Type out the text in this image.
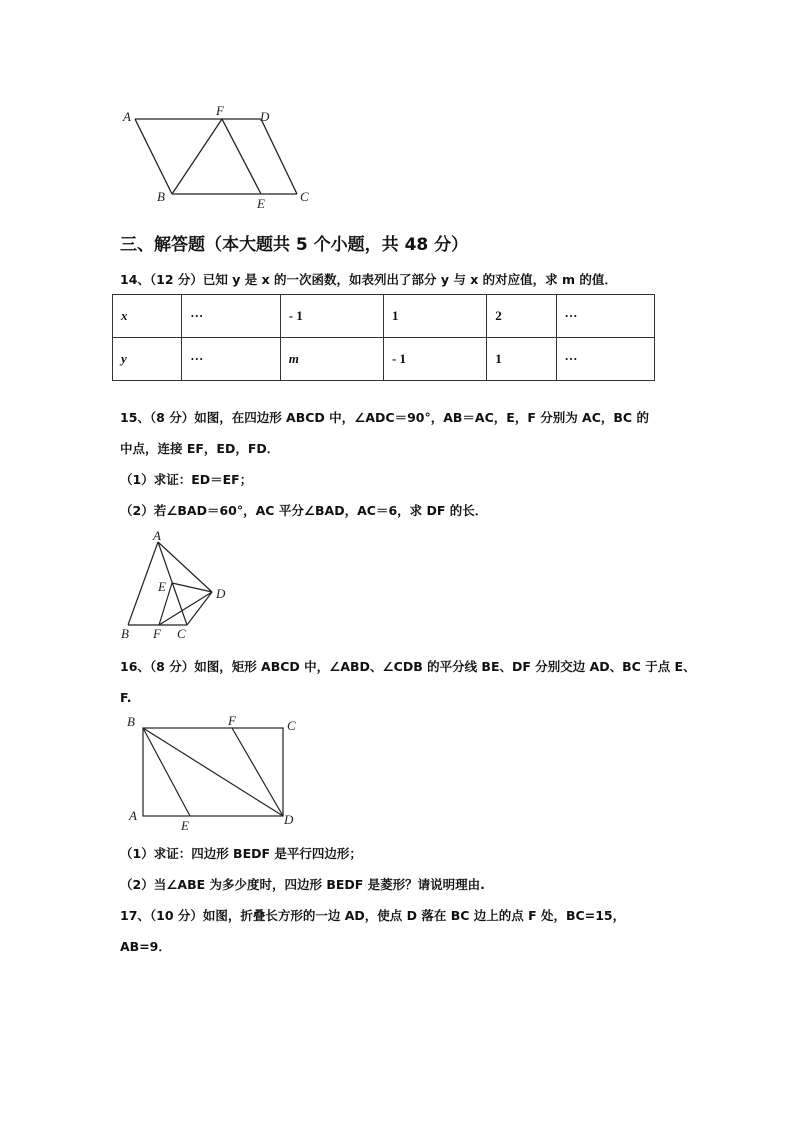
A	F	D
B	E	C
三、解答题（本大题共 5 个小题，共 48 分）
14、（12 分）已知 y 是 x 的一次函数，如表列出了部分 y 与 x 的对应值，求 m 的值．
x	···	- 1	1	2	···
y	···	m	- 1	1	···
15、（8 分）如图，在四边形 ABCD 中，∠ADC＝90°，AB＝AC，E，F 分别为 AC，BC 的
中点，连接 EF，ED，FD．
（1）求证：ED＝EF；
（2）若∠BAD＝60°，AC 平分∠BAD，AC＝6，求 DF 的长．
A
E	D
B F C
16、（8 分）如图，矩形 ABCD 中，∠ABD、∠CDB 的平分线 BE、DF 分别交边 AD、BC 于点 E、
F.
B	F	C
A
E	D
（1）求证：四边形 BEDF 是平行四边形；
（2）当∠ABE 为多少度时，四边形 BEDF 是菱形？请说明理由.
17、（10 分）如图，折叠长方形的一边 AD，使点 D 落在 BC 边上的点 F 处，BC=15，
AB=9．
